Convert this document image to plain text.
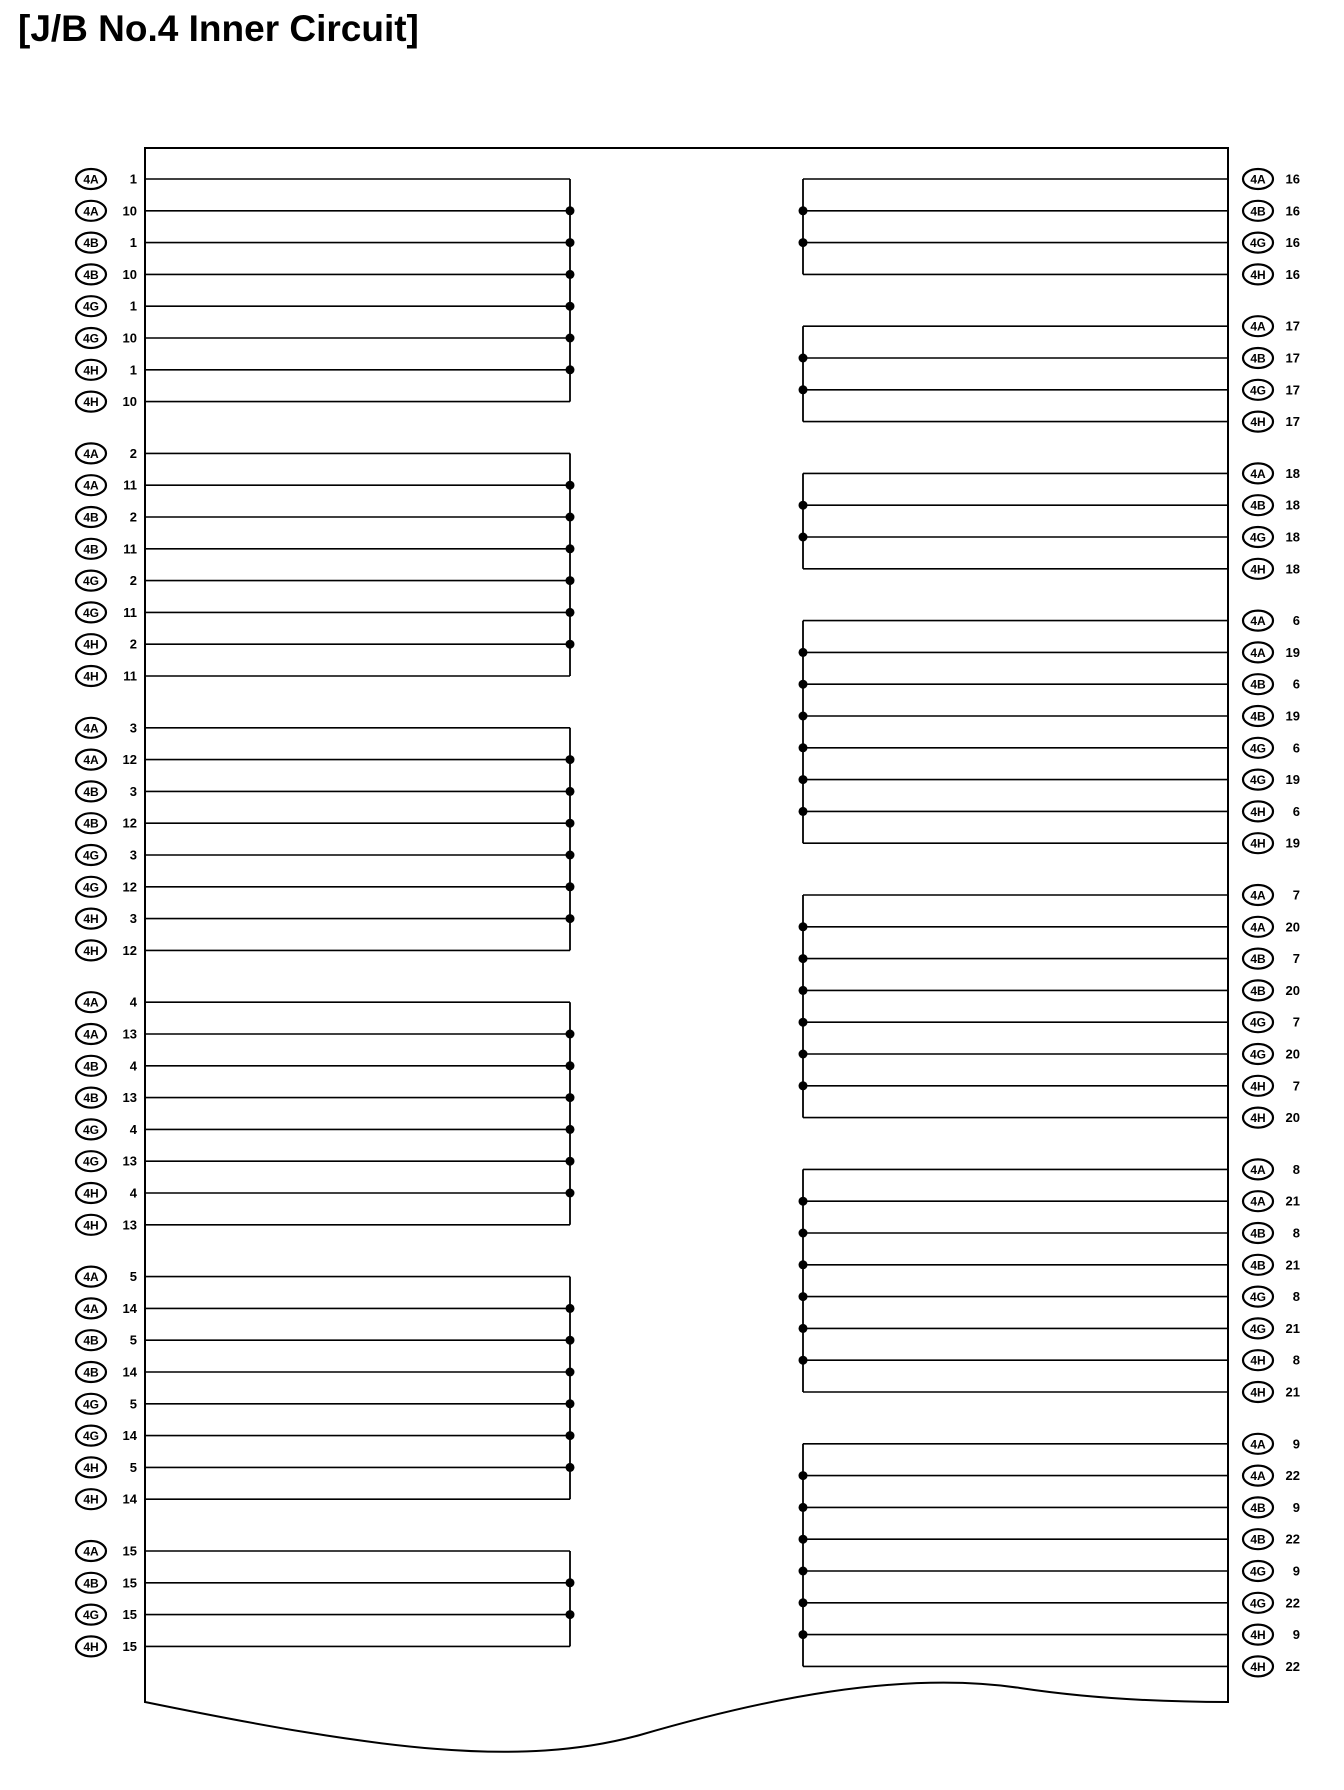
[J/B No.4 Inner Circuit]
4A 1
4A 10
4B 1
4B 10
4G 1
4G 10
4H 1
4H 10
4A 2
4A 11
4B 2
4B 11
4G 2
4G 11
4H 2
4H 11
4A 3
4A 12
4B 3
4B 12
4G 3
4G 12
4H 3
4H 12
4A 4
4A 13
4B 4
4B 13
4G 4
4G 13
4H 4
4H 13
4A 5
4A 14
4B 5
4B 14
4G 5
4G 14
4H 5
4H 14
4A 15
4B 15
4G 15
4H 15
4A 16
4B 16
4G 16
4H 16
4A 17
4B 17
4G 17
4H 17
4A 18
4B 18
4G 18
4H 18
4A 6
4A 19
4B 6
4B 19
4G 6
4G 19
4H 6
4H 19
4A 7
4A 20
4B 7
4B 20
4G 7
4G 20
4H 7
4H 20
4A 8
4A 21
4B 8
4B 21
4G 8
4G 21
4H 8
4H 21
4A 9
4A 22
4B 9
4B 22
4G 9
4G 22
4H 9
4H 22
